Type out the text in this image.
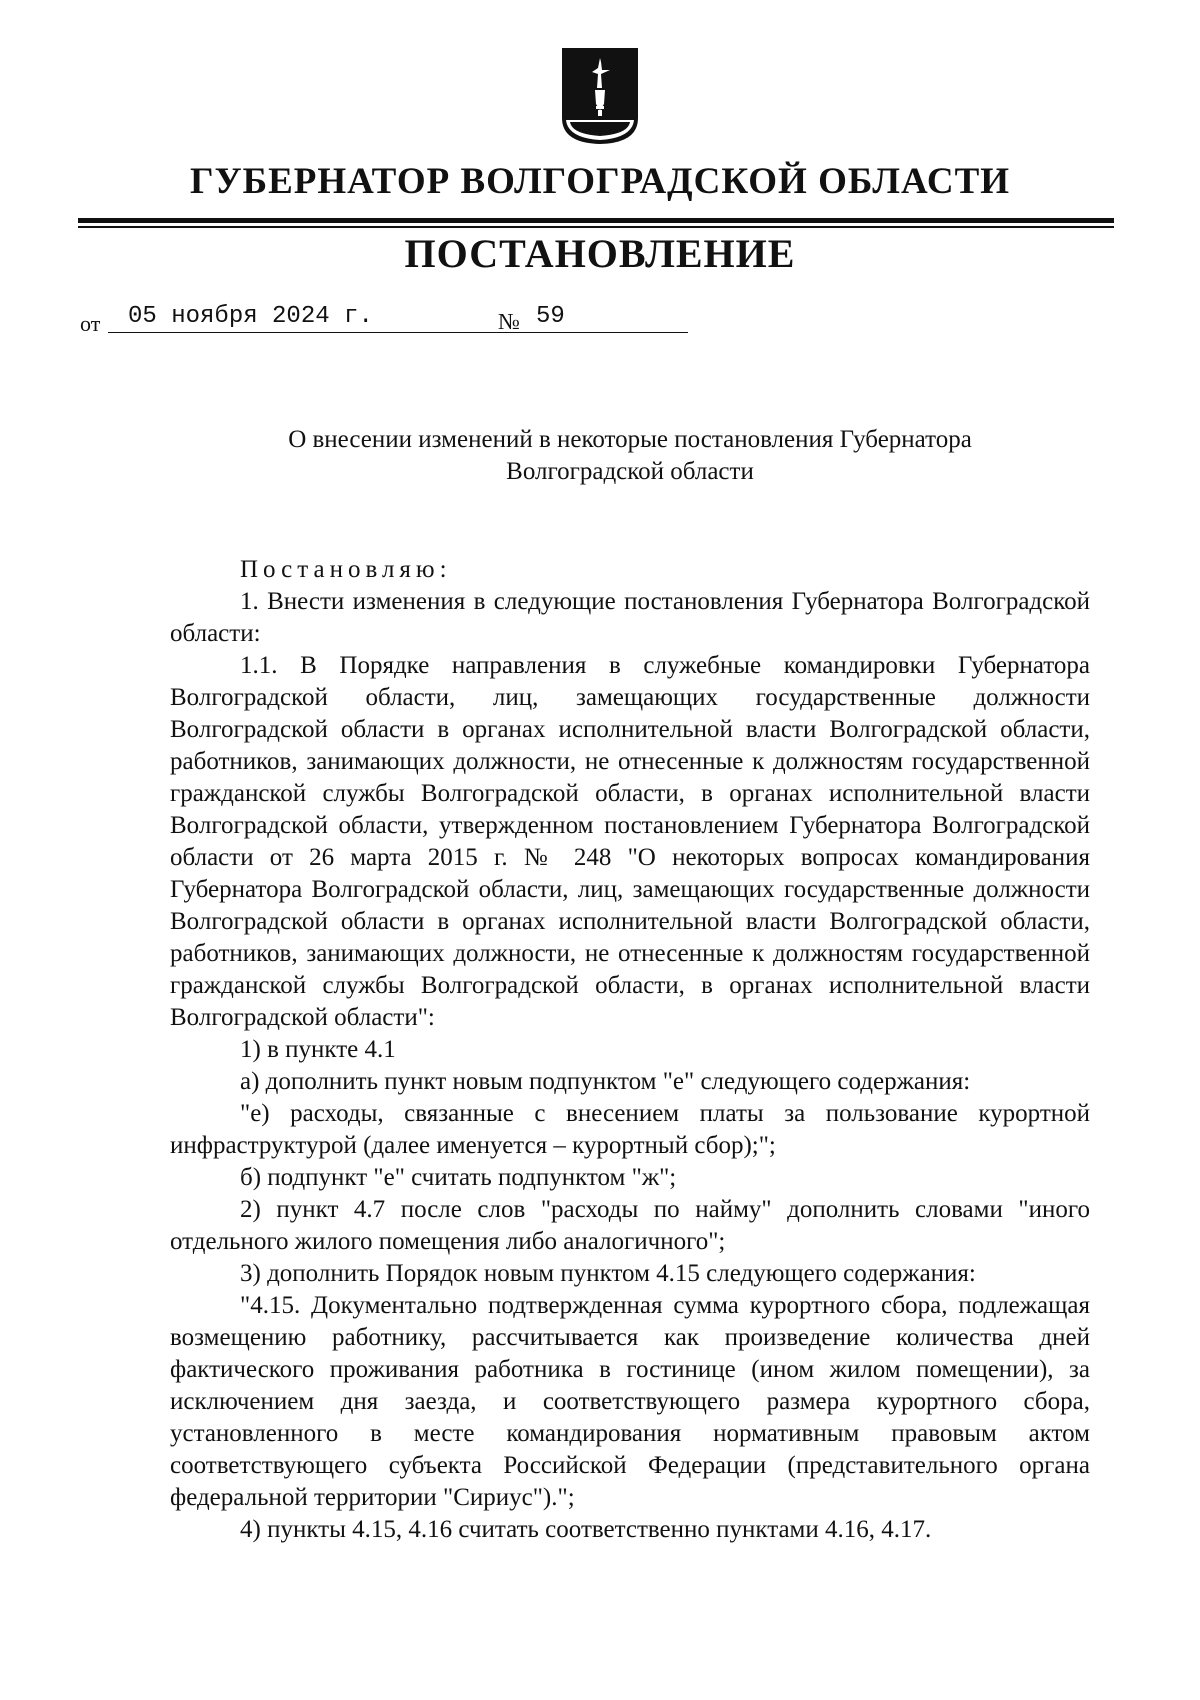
ГУБЕРНАТОР ВОЛГОГРАДСКОЙ ОБЛАСТИ
ПОСТАНОВЛЕНИЕ
от	05 ноября 2024 г.	№ 59
О внесении изменений в некоторые постановления Губернатора
Волгоградской области

Постановляю:

1. Внести изменения в следующие постановления Губернатора Волгоградской области:

1.1. В Порядке направления в служебные командировки Губернатора Волгоградской области, лиц, замещающих государственные должности Волгоградской области в органах исполнительной власти Волгоградской области, работников, занимающих должности, не отнесенные к должностям государственной гражданской службы Волгоградской области, в органах исполнительной власти Волгоградской области, утвержденном постановлением Губернатора Волгоградской области от 26 марта 2015 г. № 248 "О некоторых вопросах командирования Губернатора Волгоградской области, лиц, замещающих государственные должности Волгоградской области в органах исполнительной власти Волгоградской области, работников, занимающих должности, не отнесенные к должностям государственной гражданской службы Волгоградской области, в органах исполнительной власти Волгоградской области":

1) в пункте 4.1

а) дополнить пункт новым подпунктом "е" следующего содержания:

"е) расходы, связанные с внесением платы за пользование курортной инфраструктурой (далее именуется – курортный сбор);";

б) подпункт "е" считать подпунктом "ж";

2) пункт 4.7 после слов "расходы по найму" дополнить словами "иного отдельного жилого помещения либо аналогичного";

3) дополнить Порядок новым пунктом 4.15 следующего содержания:

"4.15. Документально подтвержденная сумма курортного сбора, подлежащая возмещению работнику, рассчитывается как произведение количества дней фактического проживания работника в гостинице (ином жилом помещении), за исключением дня заезда, и соответствующего размера курортного сбора, установленного в месте командирования нормативным правовым актом соответствующего субъекта Российской Федерации (представительного органа федеральной территории "Сириус").";

4) пункты 4.15, 4.16 считать соответственно пунктами 4.16, 4.17.
